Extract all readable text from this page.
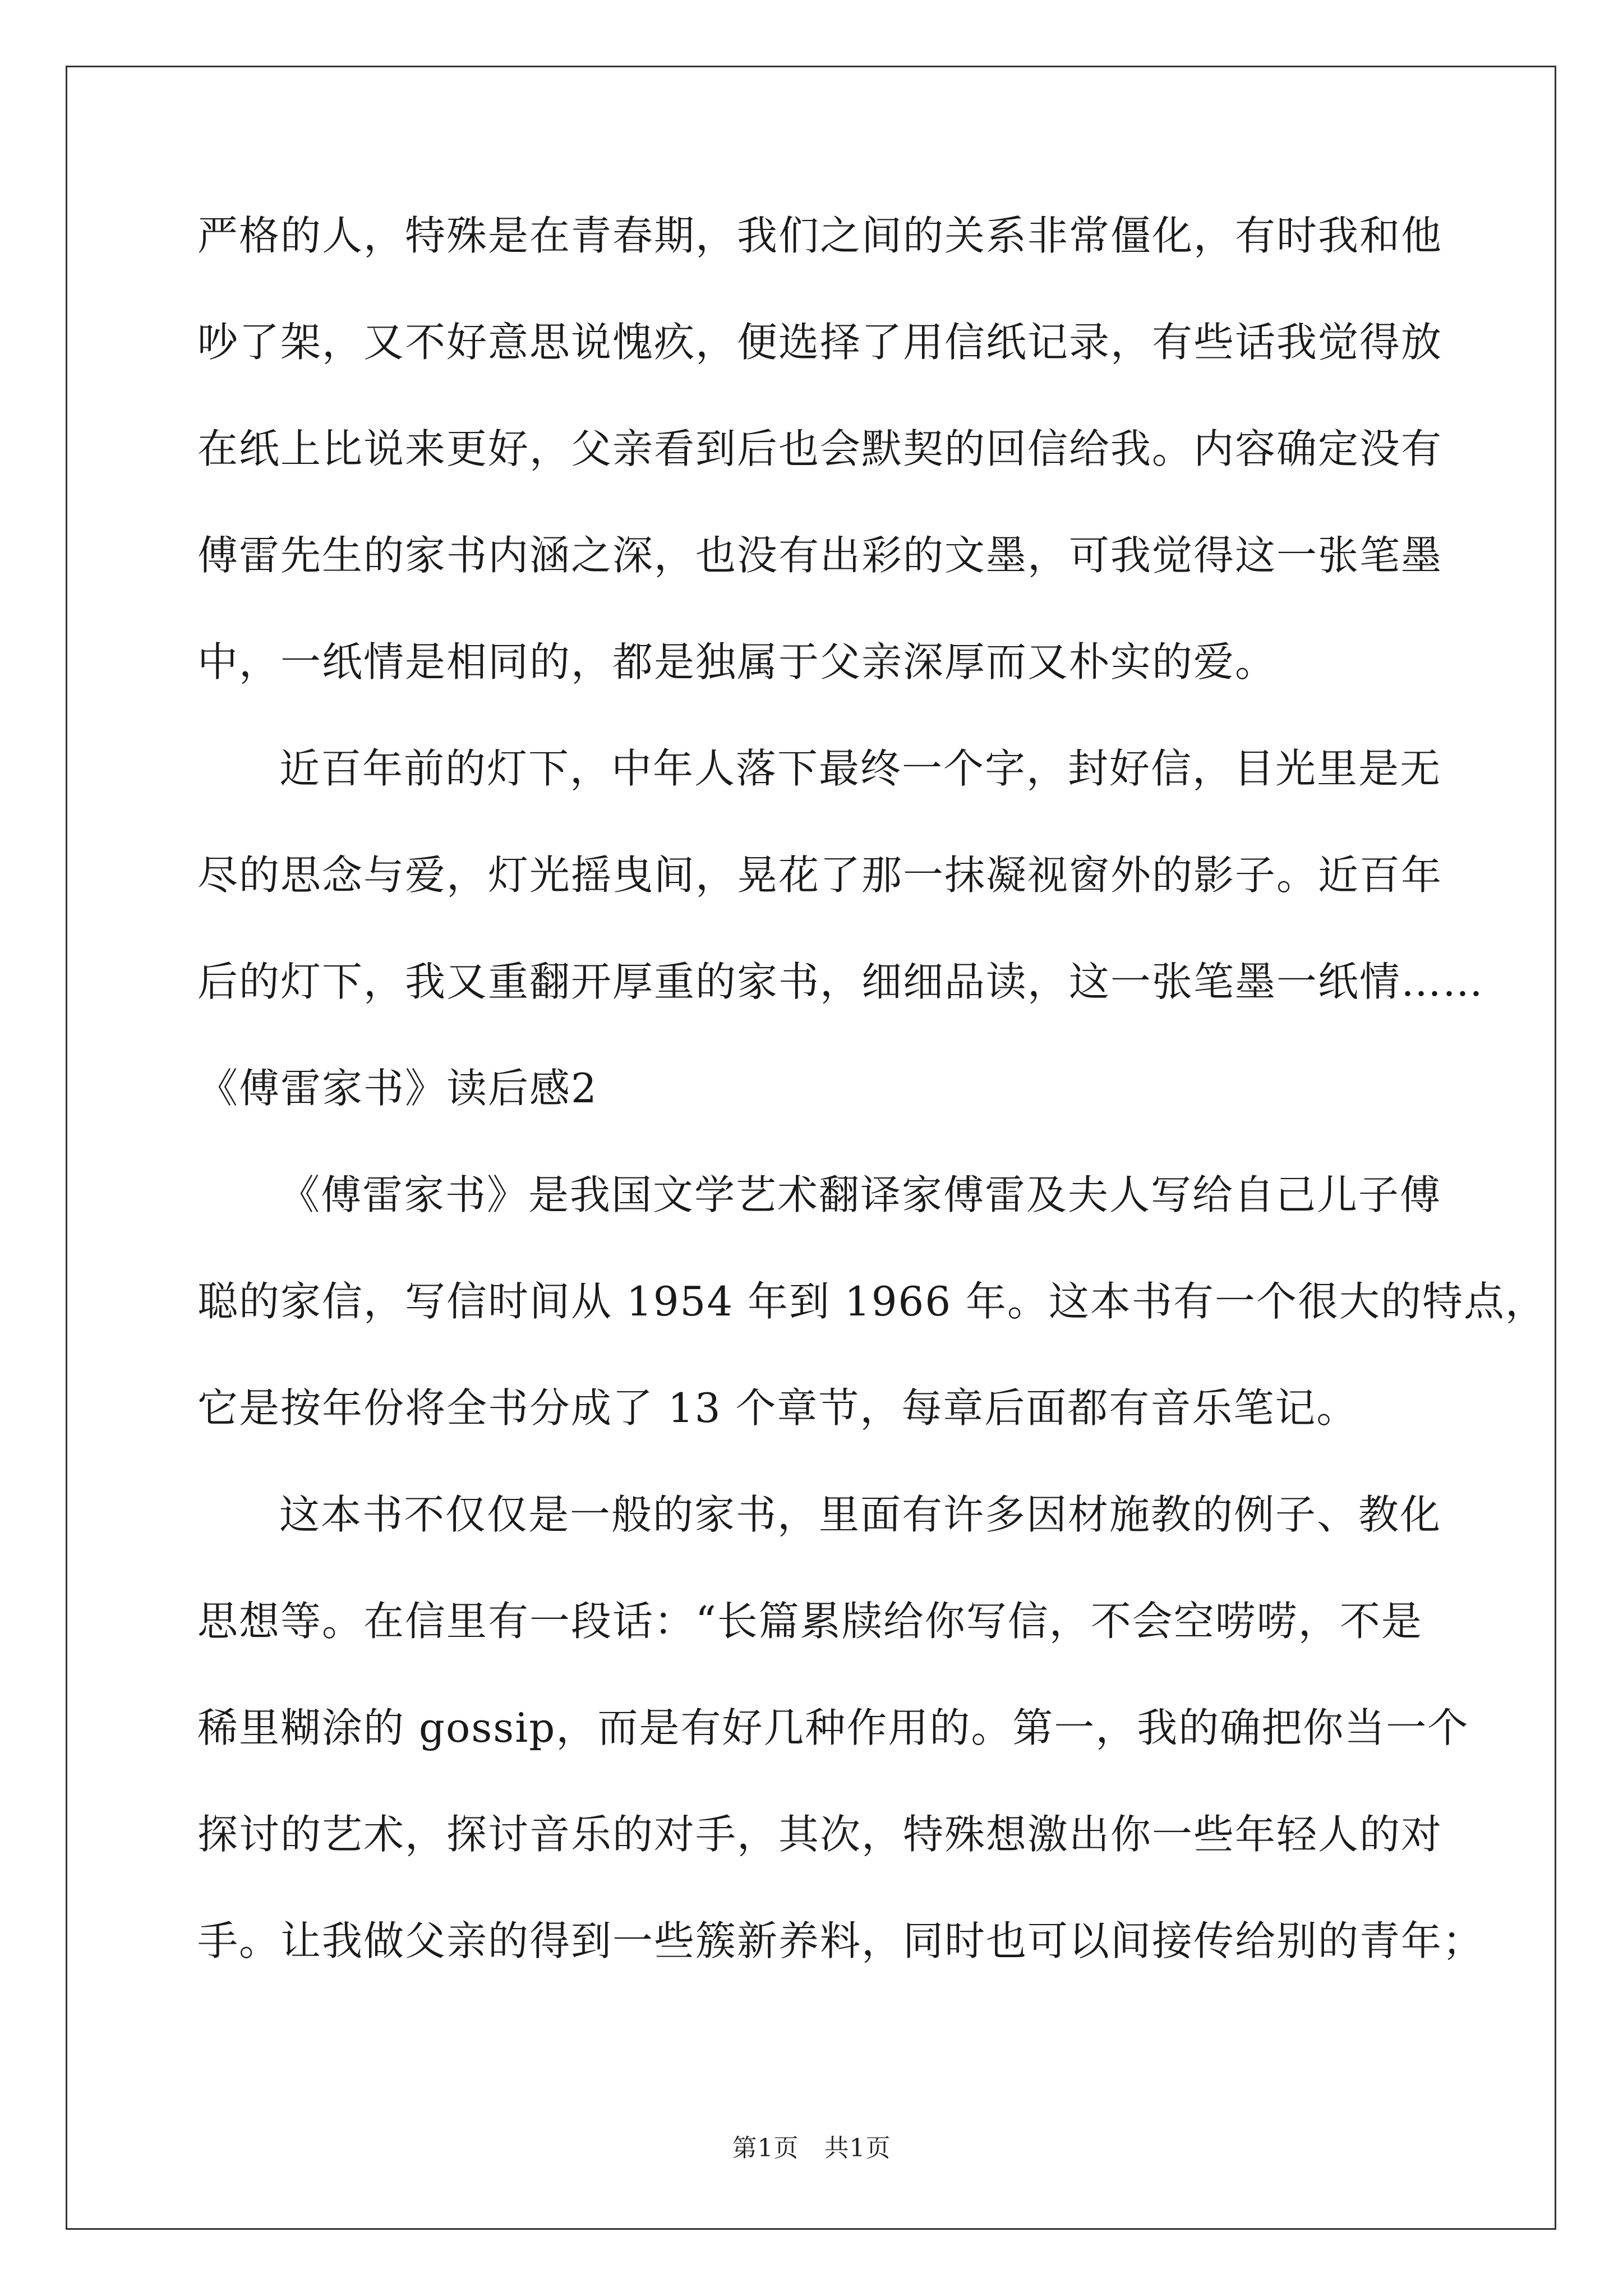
严格的人，特殊是在青春期，我们之间的关系非常僵化，有时我和他
吵了架，又不好意思说愧疚，便选择了用信纸记录，有些话我觉得放
在纸上比说来更好，父亲看到后也会默契的回信给我。内容确定没有
傅雷先生的家书内涵之深，也没有出彩的文墨，可我觉得这一张笔墨
中，一纸情是相同的，都是独属于父亲深厚而又朴实的爱。
近百年前的灯下，中年人落下最终一个字，封好信，目光里是无
尽的思念与爱，灯光摇曳间，晃花了那一抹凝视窗外的影子。近百年
后的灯下，我又重翻开厚重的家书，细细品读，这一张笔墨一纸情……
《傅雷家书》读后感2
《傅雷家书》是我国文学艺术翻译家傅雷及夫人写给自己儿子傅
聪的家信，写信时间从 1954 年到 1966 年。这本书有一个很大的特点，
它是按年份将全书分成了 13 个章节，每章后面都有音乐笔记。
这本书不仅仅是一般的家书，里面有许多因材施教的例子、教化
思想等。在信里有一段话：“长篇累牍给你写信，不会空唠唠，不是
稀里糊涂的 gossip，而是有好几种作用的。第一，我的确把你当一个
探讨的艺术，探讨音乐的对手，其次，特殊想激出你一些年轻人的对
手。让我做父亲的得到一些簇新养料，同时也可以间接传给别的青年；
第1页　共1页
